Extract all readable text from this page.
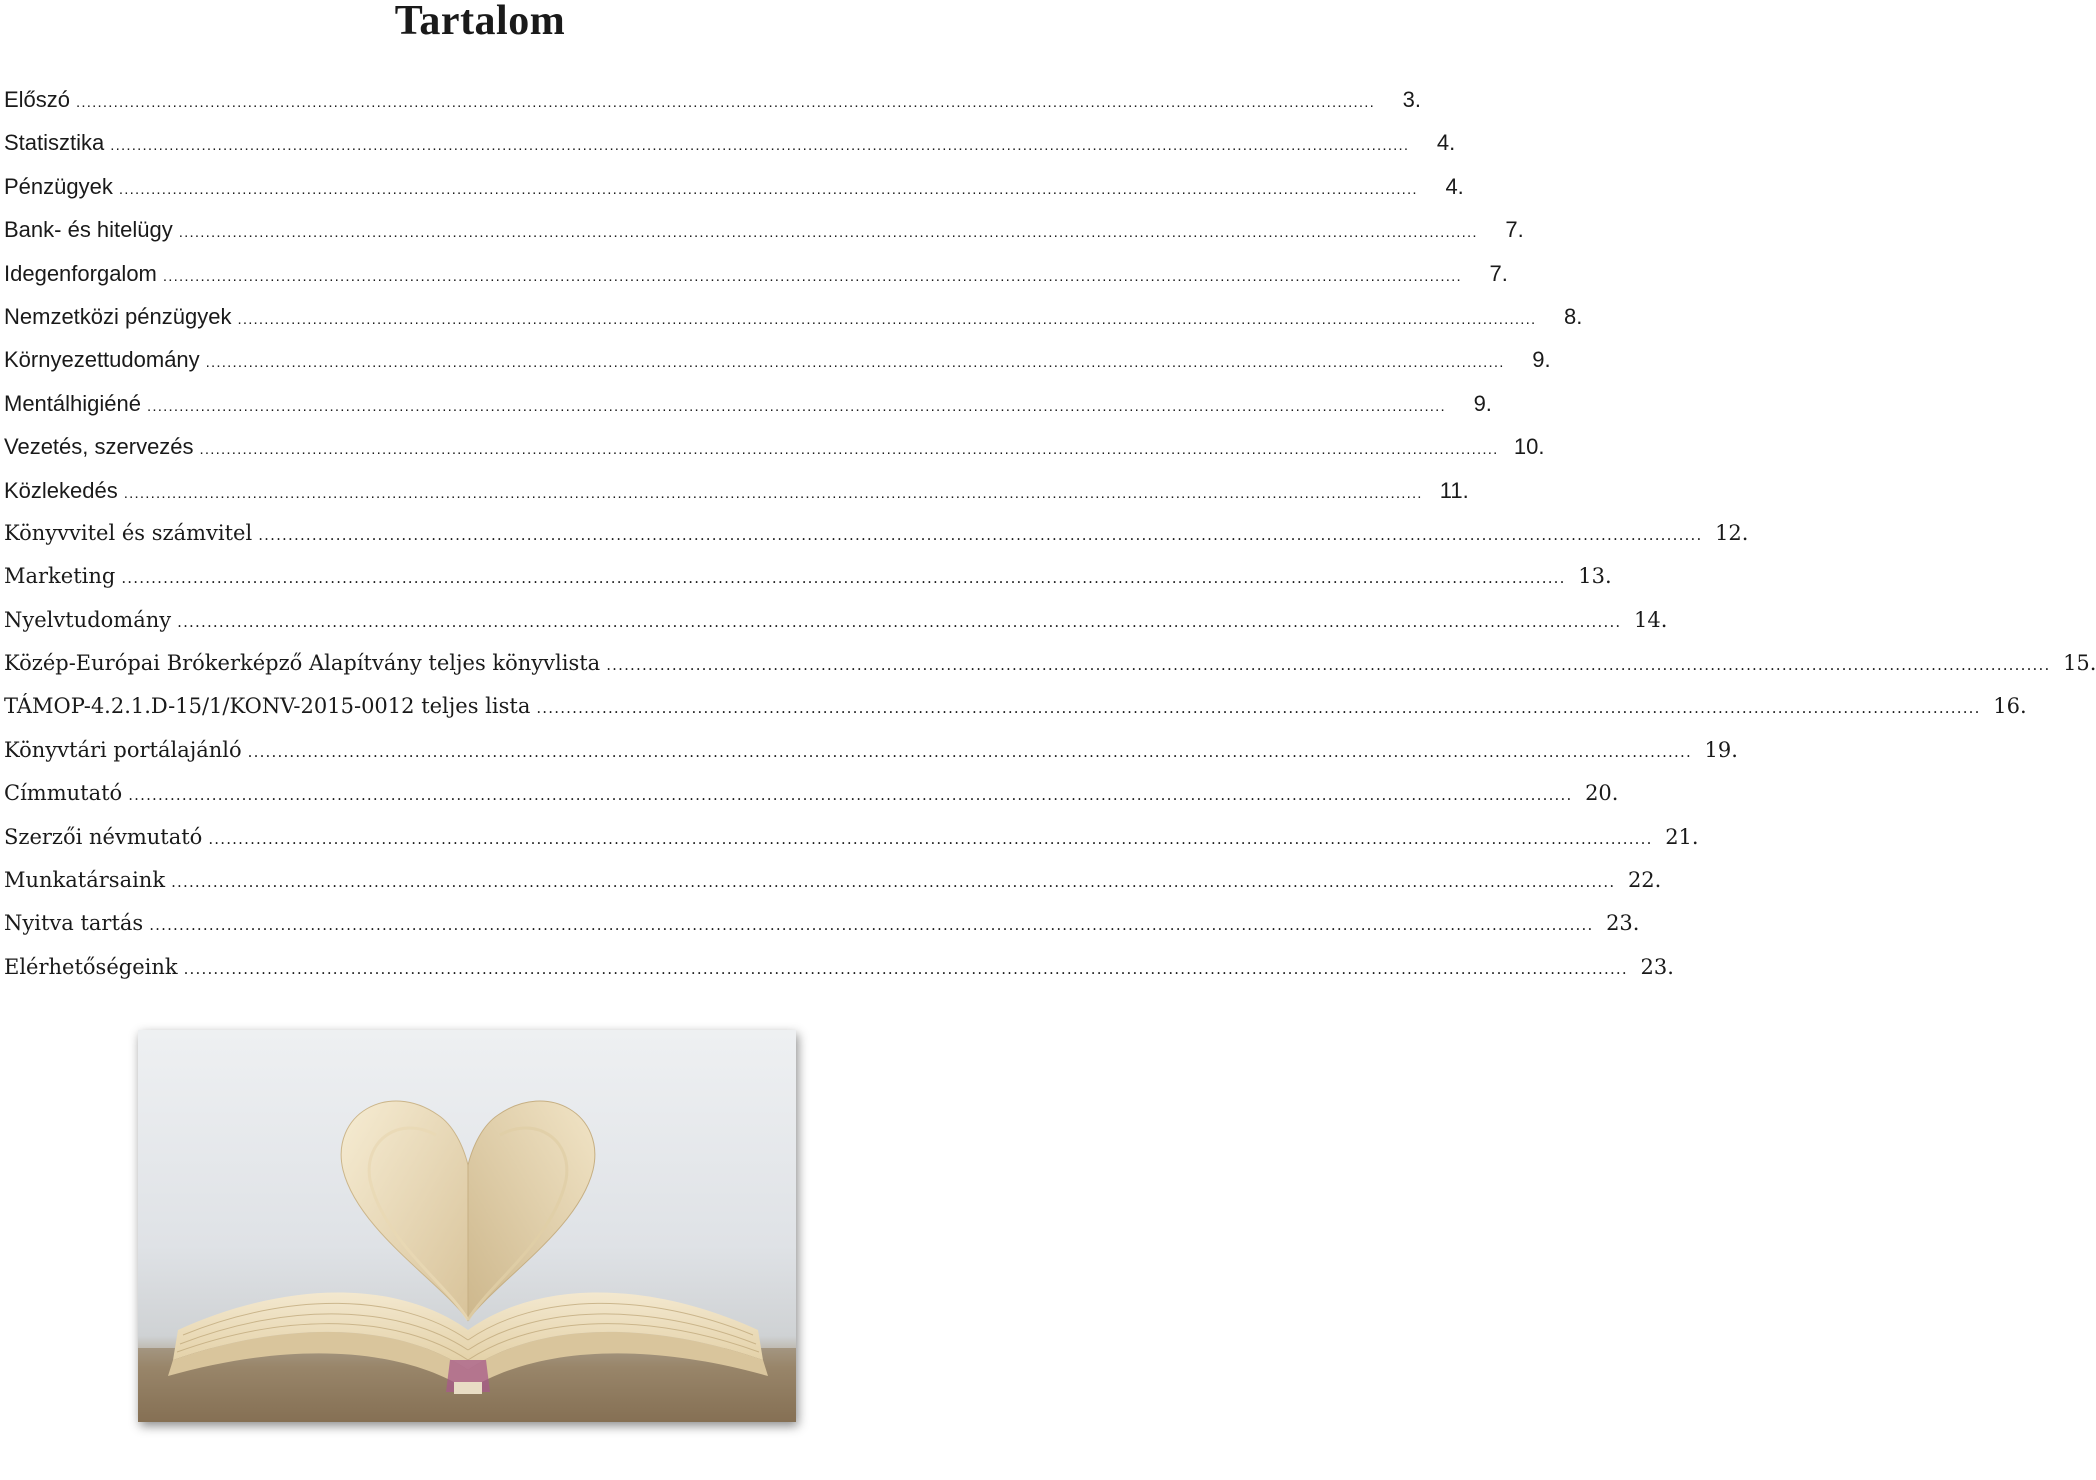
Tartalom
Előszó .....	3.
Statisztika .....	4.
Pénzügyek .....	4.
Bank- és hitelügy .....	7.
Idegenforgalom .....	7.
Nemzetközi pénzügyek .....	8.
Környezettudomány .....	9.
Mentálhigiéné .....	9.
Vezetés, szervezés .....	10.
Közlekedés .....	11.
Könyvvitel és számvitel .....	12.
Marketing .....	13.
Nyelvtudomány .....	14.
Közép-Európai Brókerképző Alapítvány teljes könyvlista .....	15.
TÁMOP-4.2.1.D-15/1/KONV-2015-0012 teljes lista .....	16.
Könyvtári portálajánló .....	19.
Címmutató .....	20.
Szerzői névmutató .....	21.
Munkatársaink .....	22.
Nyitva tartás .....	23.
Elérhetőségeink .....	23.
